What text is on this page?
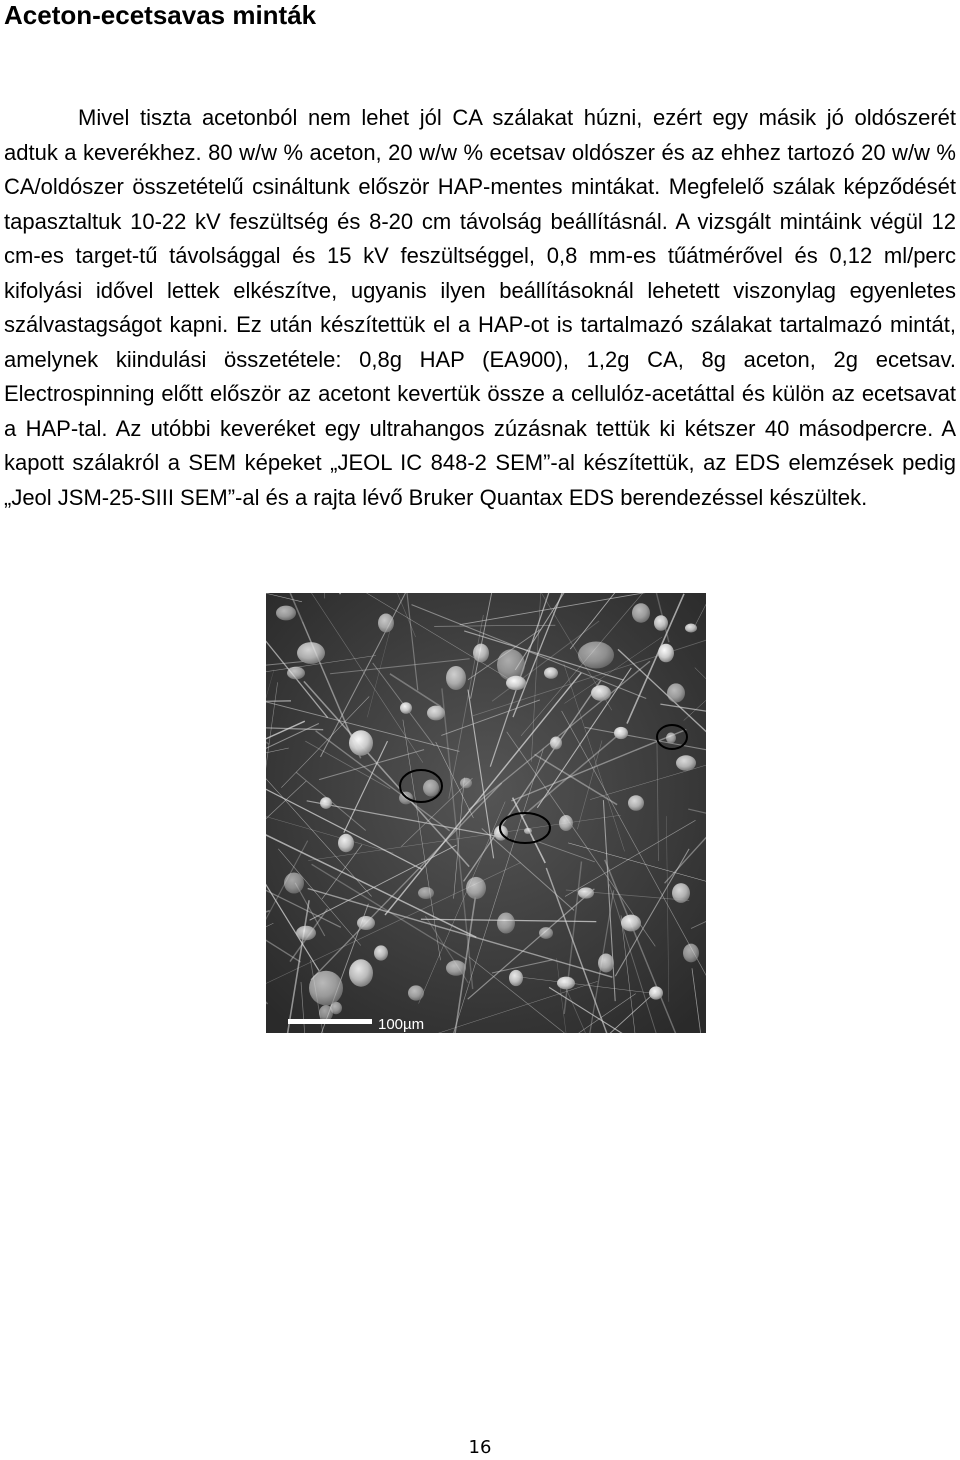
Aceton-ecetsavas minták

Mivel tiszta acetonból nem lehet jól CA szálakat húzni, ezért egy másik jó oldószerét adtuk a keverékhez. 80 w/w % aceton, 20 w/w % ecetsav oldószer és az ehhez tartozó 20 w/w % CA/oldószer összetételű csináltunk először HAP-mentes mintákat. Megfelelő szálak képződését tapasztaltuk 10-22 kV feszültség és 8-20 cm távolság beállításnál. A vizsgált mintáink végül 12 cm-es target-tű távolsággal és 15 kV feszültséggel, 0,8 mm-es tűátmérővel és 0,12 ml/perc kifolyási idővel lettek elkészítve, ugyanis ilyen beállításoknál lehetett viszonylag egyenletes szálvastagságot kapni. Ez után készítettük el a HAP-ot is tartalmazó szálakat tartalmazó mintát, amelynek kiindulási összetétele: 0,8g HAP (EA900), 1,2g CA, 8g aceton, 2g ecetsav. Electrospinning előtt először az acetont kevertük össze a cellulóz-acetáttal és külön az ecetsavat a HAP-tal. Az utóbbi keveréket egy ultrahangos zúzásnak tettük ki kétszer 40 másodpercre. A kapott szálakról a SEM képeket „JEOL IC 848-2 SEM”-al készítettük, az EDS elemzések pedig „Jeol JSM-25-SIII SEM”-al és a rajta lévő Bruker Quantax EDS berendezéssel készültek.

100µm
16
